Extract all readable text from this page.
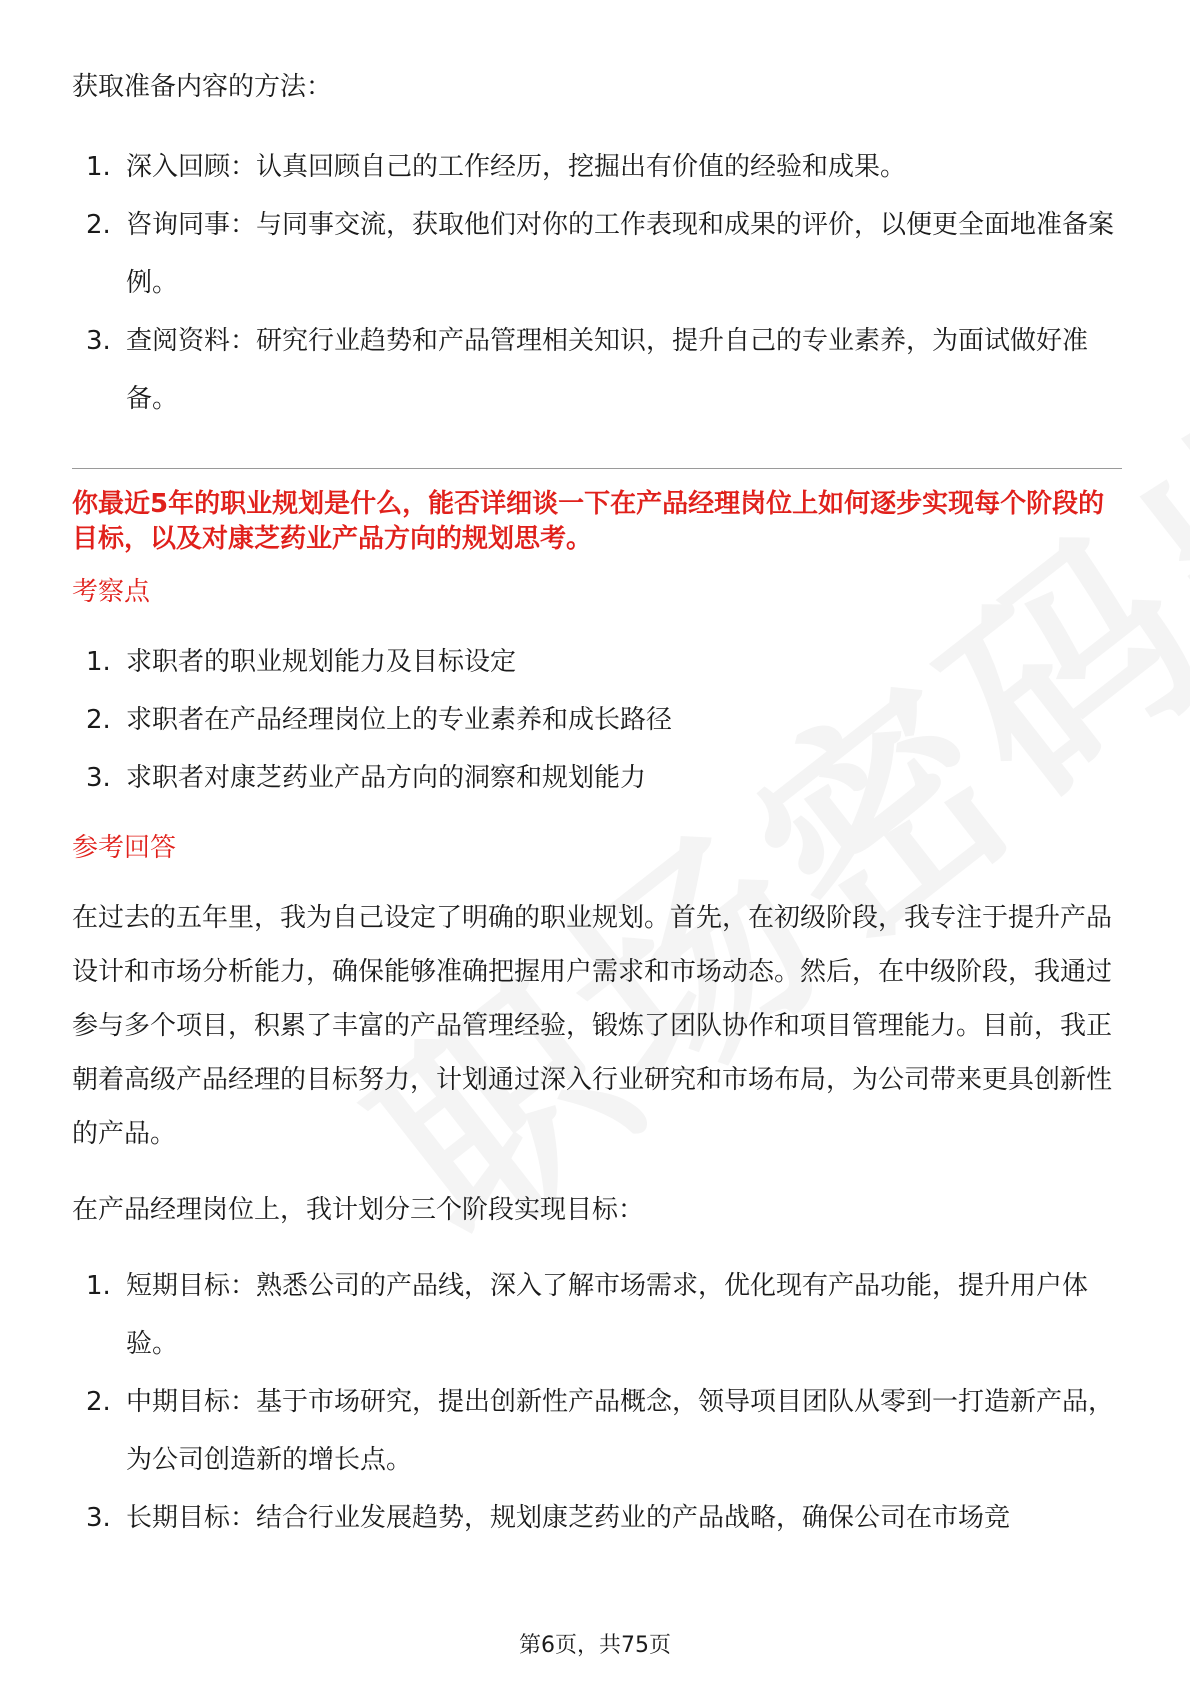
获取准备内容的方法：

1. 深入回顾：认真回顾自己的工作经历，挖掘出有价值的经验和成果。
2. 咨询同事：与同事交流，获取他们对你的工作表现和成果的评价，以便更全面地准备案例。
3. 查阅资料：研究行业趋势和产品管理相关知识，提升自己的专业素养，为面试做好准备。

你最近5年的职业规划是什么，能否详细谈一下在产品经理岗位上如何逐步实现每个阶段的目标，以及对康芝药业产品方向的规划思考。

考察点

1. 求职者的职业规划能力及目标设定
2. 求职者在产品经理岗位上的专业素养和成长路径
3. 求职者对康芝药业产品方向的洞察和规划能力

参考回答

在过去的五年里，我为自己设定了明确的职业规划。首先，在初级阶段，我专注于提升产品设计和市场分析能力，确保能够准确把握用户需求和市场动态。然后，在中级阶段，我通过参与多个项目，积累了丰富的产品管理经验，锻炼了团队协作和项目管理能力。目前，我正朝着高级产品经理的目标努力，计划通过深入行业研究和市场布局，为公司带来更具创新性的产品。

在产品经理岗位上，我计划分三个阶段实现目标：

1. 短期目标：熟悉公司的产品线，深入了解市场需求，优化现有产品功能，提升用户体验。
2. 中期目标：基于市场研究，提出创新性产品概念，领导项目团队从零到一打造新产品，为公司创造新的增长点。
3. 长期目标：结合行业发展趋势，规划康芝药业的产品战略，确保公司在市场竞
第6页，共75页
